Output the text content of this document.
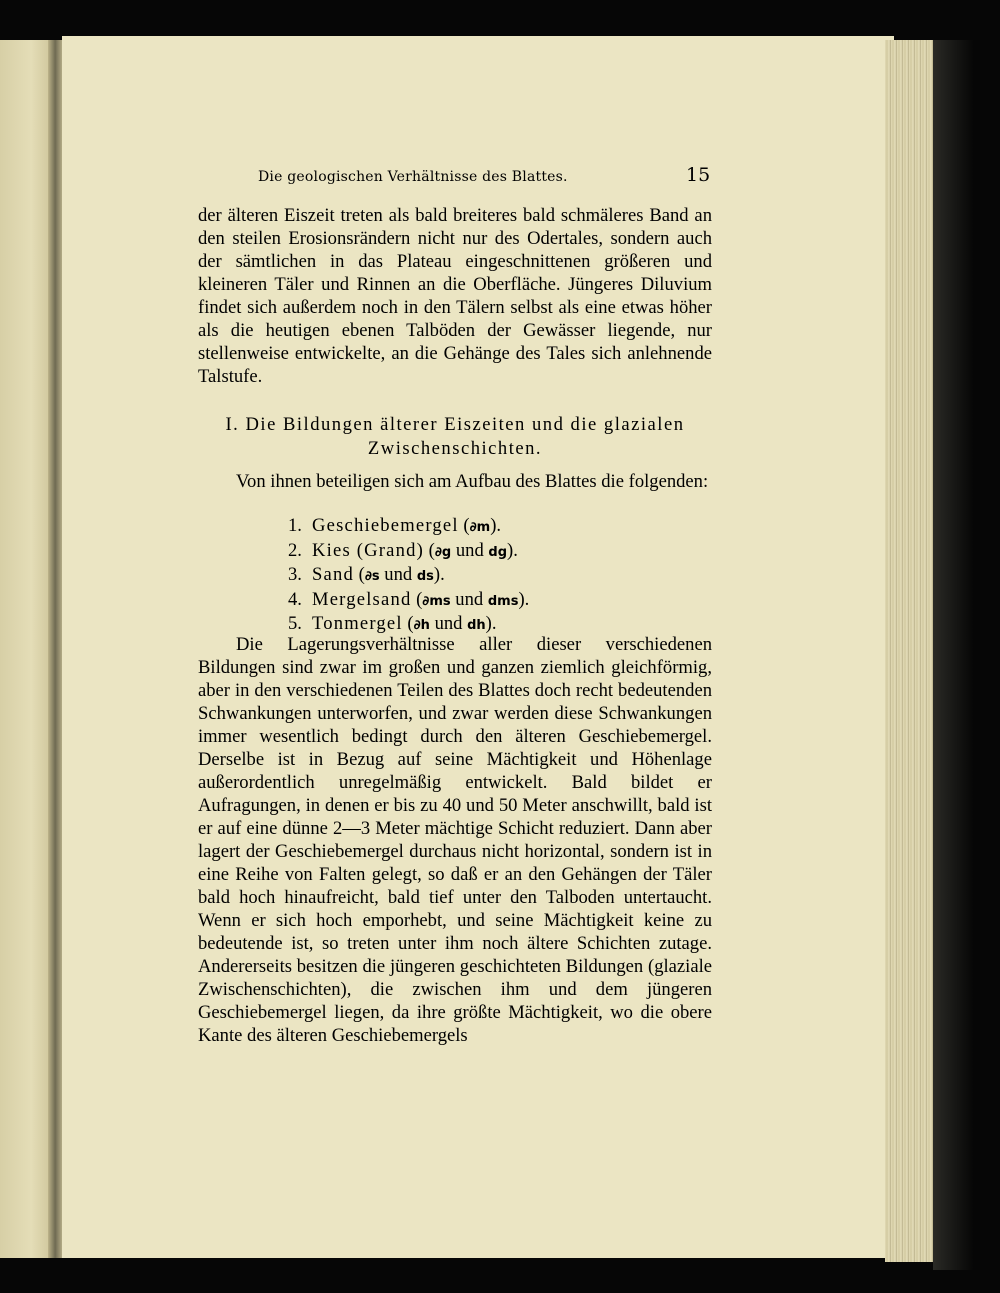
Die geologischen Verhältnisse des Blattes.	15

der älteren Eiszeit treten als bald breiteres bald schmäleres Band an den steilen Erosionsrändern nicht nur des Odertales, sondern auch der sämtlichen in das Plateau eingeschnittenen größeren und kleineren Täler und Rinnen an die Oberfläche. Jüngeres Diluvium findet sich außerdem noch in den Tälern selbst als eine etwas höher als die heutigen ebenen Talböden der Gewässer liegende, nur stellenweise entwickelte, an die Gehänge des Tales sich anlehnende Talstufe.

I. Die Bildungen älterer Eiszeiten und die glazialen Zwischenschichten.

Von ihnen beteiligen sich am Aufbau des Blattes die folgenden:

1. Geschiebemergel (∂m).
2. Kies (Grand) (∂g und dg).
3. Sand (∂s und ds).
4. Mergelsand (∂ms und dms).
5. Tonmergel (∂h und dh).

Die Lagerungsverhältnisse aller dieser verschiedenen Bildungen sind zwar im großen und ganzen ziemlich gleichförmig, aber in den verschiedenen Teilen des Blattes doch recht bedeutenden Schwankungen unterworfen, und zwar werden diese Schwankungen immer wesentlich bedingt durch den älteren Geschiebemergel. Derselbe ist in Bezug auf seine Mächtigkeit und Höhenlage außerordentlich unregelmäßig entwickelt. Bald bildet er Aufragungen, in denen er bis zu 40 und 50 Meter anschwillt, bald ist er auf eine dünne 2—3 Meter mächtige Schicht reduziert. Dann aber lagert der Geschiebemergel durchaus nicht horizontal, sondern ist in eine Reihe von Falten gelegt, so daß er an den Gehängen der Täler bald hoch hinaufreicht, bald tief unter den Talboden untertaucht. Wenn er sich hoch emporhebt, und seine Mächtigkeit keine zu bedeutende ist, so treten unter ihm noch ältere Schichten zutage. Andererseits besitzen die jüngeren geschichteten Bildungen (glaziale Zwischenschichten), die zwischen ihm und dem jüngeren Geschiebemergel liegen, da ihre größte Mächtigkeit, wo die obere Kante des älteren Geschiebemergels
